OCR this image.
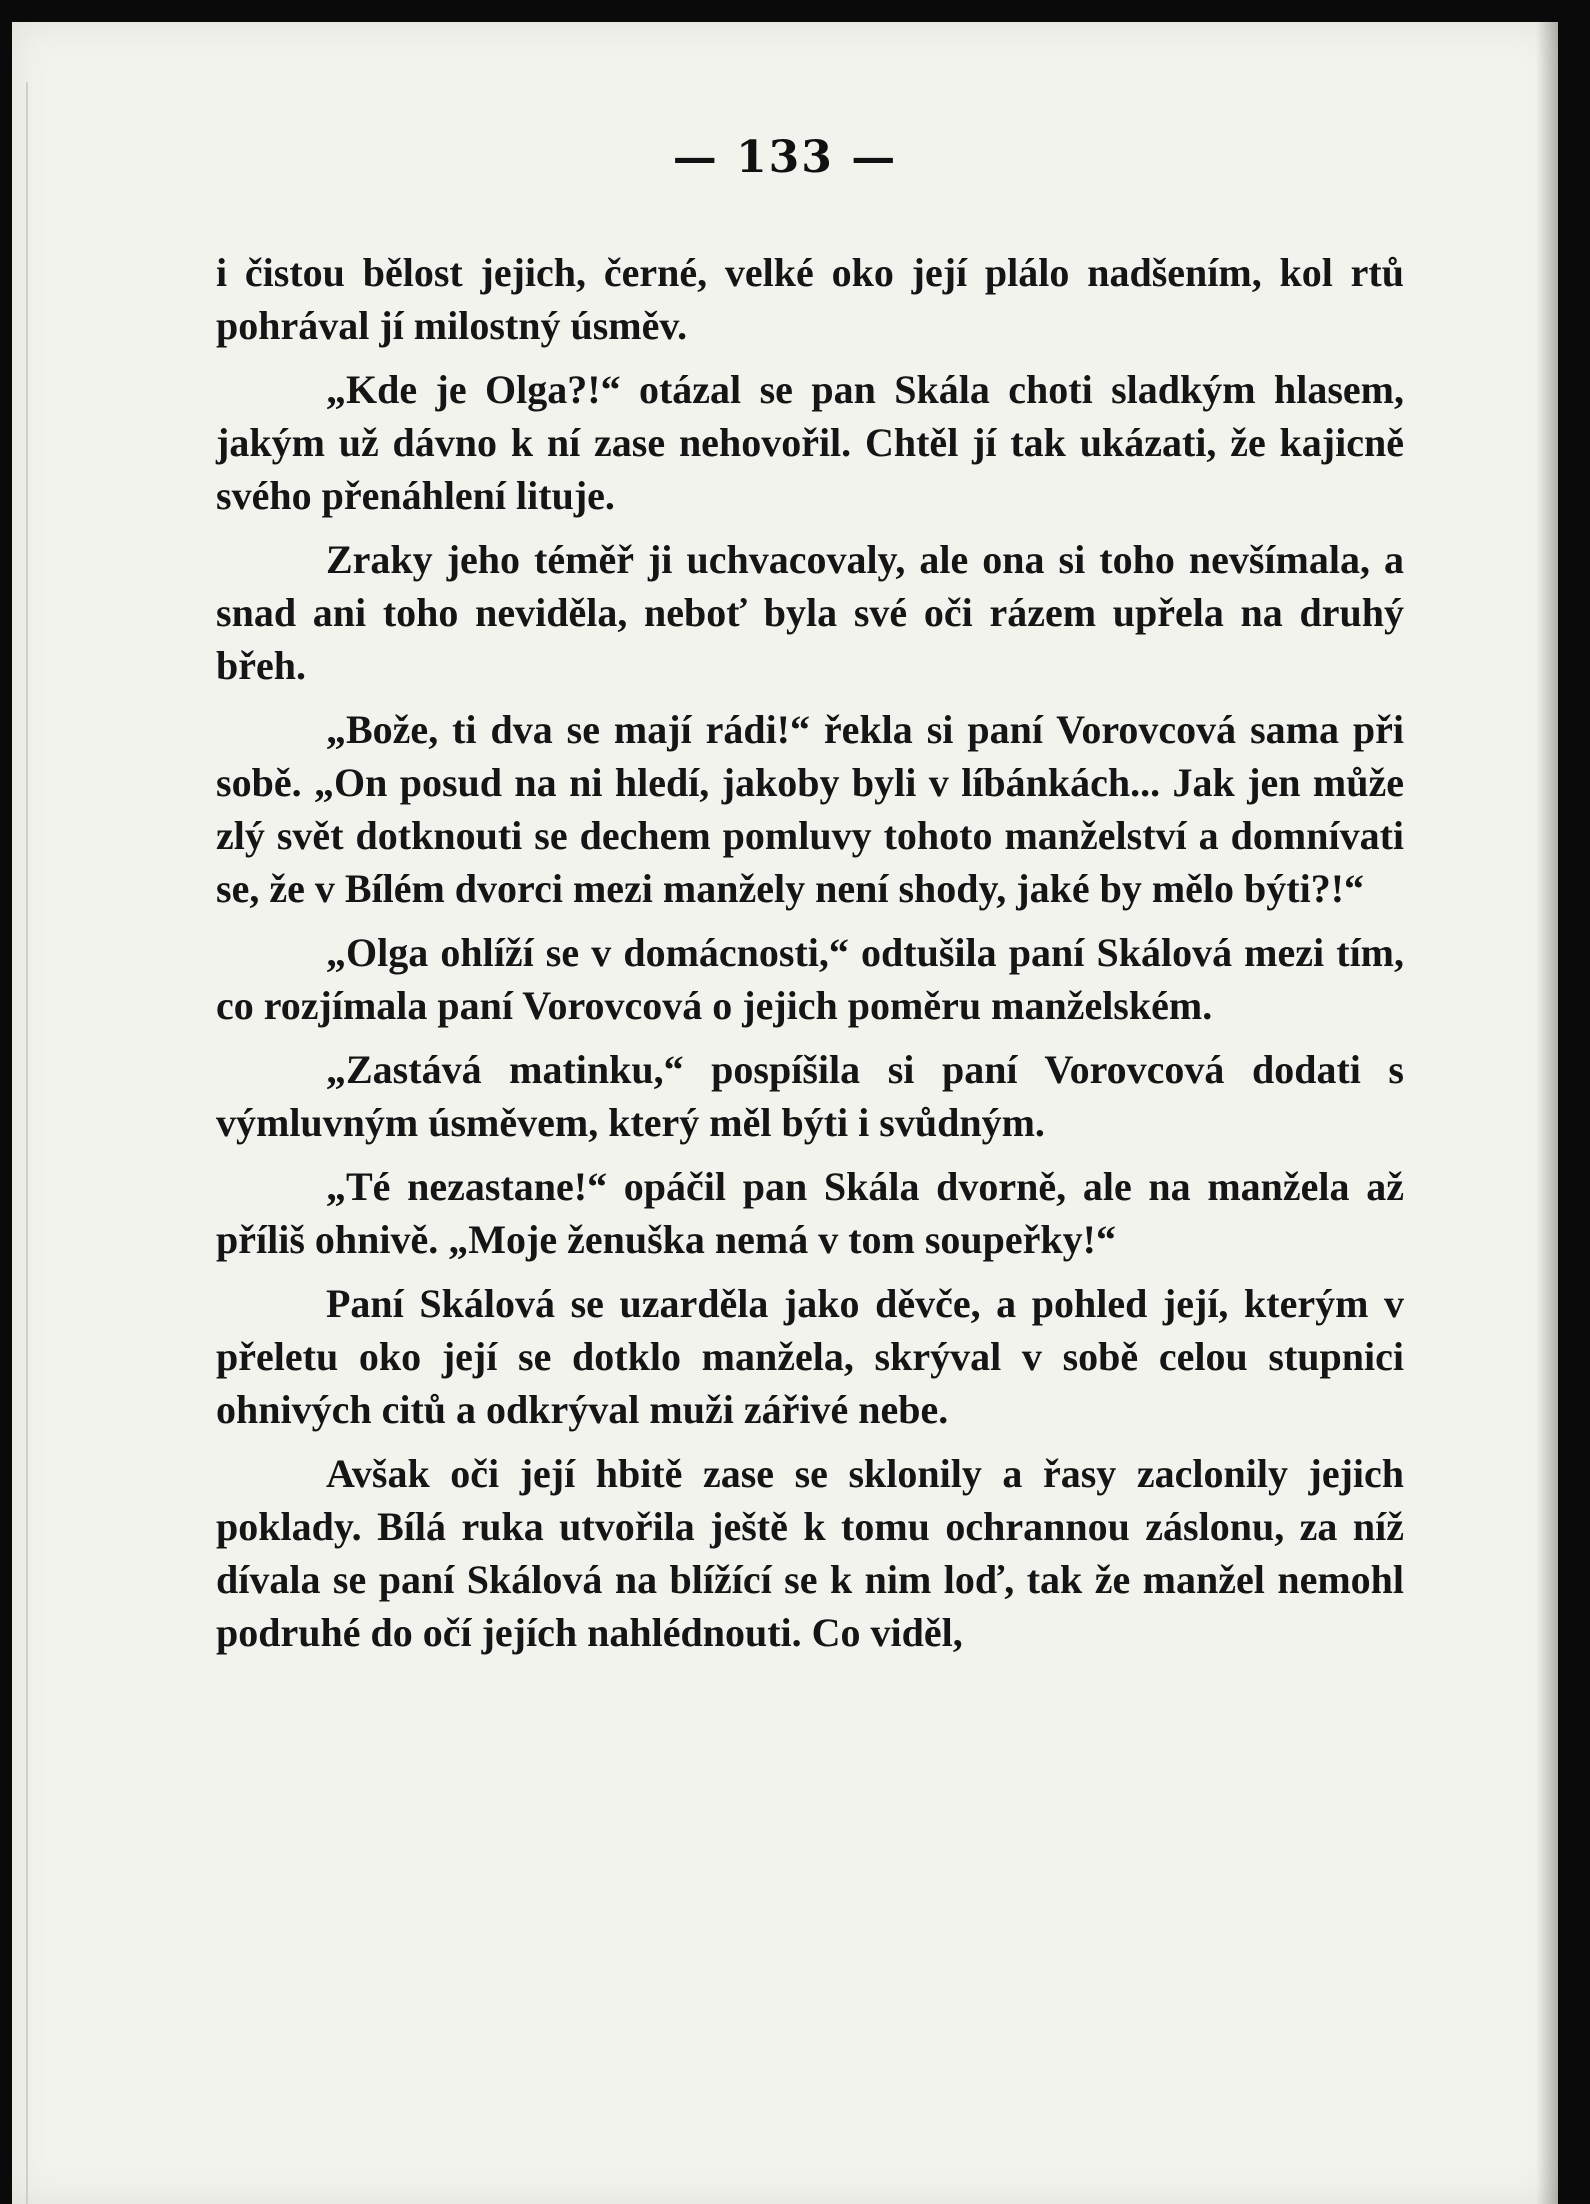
— 133 —

i čistou bělost jejich, černé, velké oko její plálo nadšením, kol rtů pohrával jí milostný úsměv.

„Kde je Olga?!“ otázal se pan Skála choti sladkým hlasem, jakým už dávno k ní zase nehovořil. Chtěl jí tak ukázati, že kajicně svého přenáhlení lituje.

Zraky jeho téměř ji uchvacovaly, ale ona si toho nevšímala, a snad ani toho neviděla, neboť byla své oči rázem upřela na druhý břeh.

„Bože, ti dva se mají rádi!“ řekla si paní Vorovcová sama při sobě. „On posud na ni hledí, jakoby byli v líbánkách... Jak jen může zlý svět dotknouti se dechem pomluvy tohoto manželství a domnívati se, že v Bílém dvorci mezi manžely není shody, jaké by mělo býti?!“

„Olga ohlíží se v domácnosti,“ odtušila paní Skálová mezi tím, co rozjímala paní Vorovcová o jejich poměru manželském.

„Zastává matinku,“ pospíšila si paní Vorovcová dodati s výmluvným úsměvem, který měl býti i svůdným.

„Té nezastane!“ opáčil pan Skála dvorně, ale na manžela až příliš ohnivě. „Moje ženuška nemá v tom soupeřky!“

Paní Skálová se uzarděla jako děvče, a pohled její, kterým v přeletu oko její se dotklo manžela, skrýval v sobě celou stupnici ohnivých citů a odkrýval muži zářivé nebe.

Avšak oči její hbitě zase se sklonily a řasy zaclonily jejich poklady. Bílá ruka utvořila ještě k tomu ochrannou záslonu, za níž dívala se paní Skálová na blížící se k nim loď, tak že manžel nemohl podruhé do očí jejích nahlédnouti. Co viděl,
